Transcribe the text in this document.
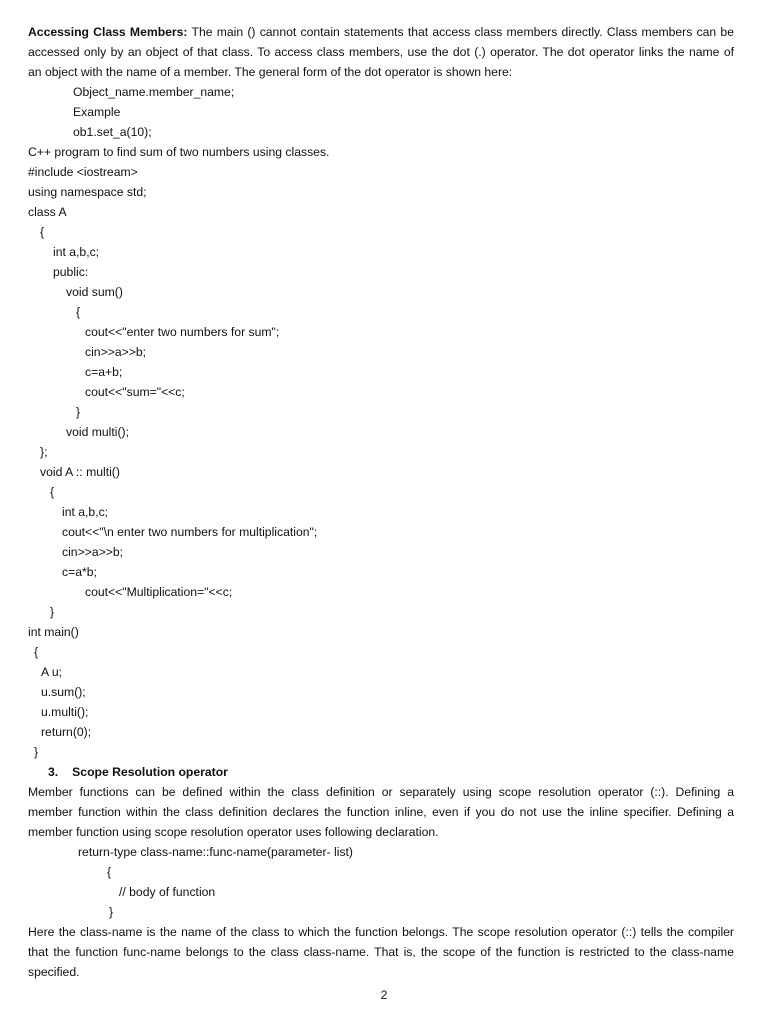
Accessing Class Members: The main () cannot contain statements that access class members directly. Class members can be
accessed only by an object of that class. To access class members, use the dot (.) operator. The dot operator links the name of
an object with the name of a member. The general form of the dot operator is shown here:
Object_name.member_name;
Example
ob1.set_a(10);
C++ program to find sum of two numbers using classes.
#include <iostream>
using namespace std;
class A
{
int a,b,c;
public:
void sum()
{
cout<<"enter two numbers for sum";
cin>>a>>b;
c=a+b;
cout<<"sum="<<c;
}
void multi();
};
void A :: multi()
{
int a,b,c;
cout<<"\n enter two numbers for multiplication";
cin>>a>>b;
c=a*b;
cout<<"Multiplication="<<c;
}
int main()
{
A u;
u.sum();
u.multi();
return(0);
}
3. Scope Resolution operator
Member functions can be defined within the class definition or separately using scope resolution operator (::). Defining a
member function within the class definition declares the function inline, even if you do not use the inline specifier. Defining a
member function using scope resolution operator uses following declaration.
return-type class-name::func-name(parameter- list)
{
// body of function
}
Here the class-name is the name of the class to which the function belongs. The scope resolution operator (::) tells the compiler
that the function func-name belongs to the class class-name. That is, the scope of the function is restricted to the class-name
specified.
2
